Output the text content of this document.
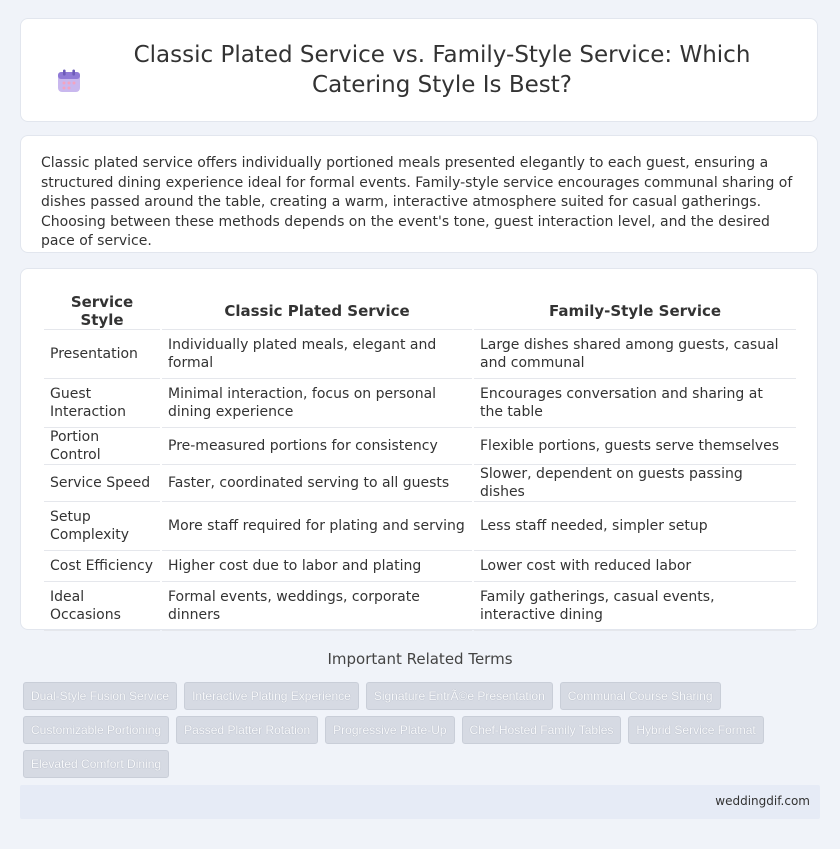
Classic Plated Service vs. Family-Style Service: Which Catering Style Is Best?

Classic plated service offers individually portioned meals presented elegantly to each guest, ensuring a structured dining experience ideal for formal events. Family-style service encourages communal sharing of dishes passed around the table, creating a warm, interactive atmosphere suited for casual gatherings. Choosing between these methods depends on the event's tone, guest interaction level, and the desired pace of service.

Service Style	Classic Plated Service	Family-Style Service
Presentation	Individually plated meals, elegant and formal	Large dishes shared among guests, casual and communal
Guest Interaction	Minimal interaction, focus on personal dining experience	Encourages conversation and sharing at the table
Portion Control	Pre-measured portions for consistency	Flexible portions, guests serve themselves
Service Speed	Faster, coordinated serving to all guests	Slower, dependent on guests passing dishes
Setup Complexity	More staff required for plating and serving	Less staff needed, simpler setup
Cost Efficiency	Higher cost due to labor and plating	Lower cost with reduced labor
Ideal Occasions	Formal events, weddings, corporate dinners	Family gatherings, casual events, interactive dining
Important Related Terms
Dual-Style Fusion Service	Interactive Plating Experience	Signature EntrÃ©e Presentation	Communal Course Sharing
Customizable Portioning	Passed Platter Rotation	Progressive Plate-Up	Chef-Hosted Family Tables	Hybrid Service Format
Elevated Comfort Dining
weddingdif.com
